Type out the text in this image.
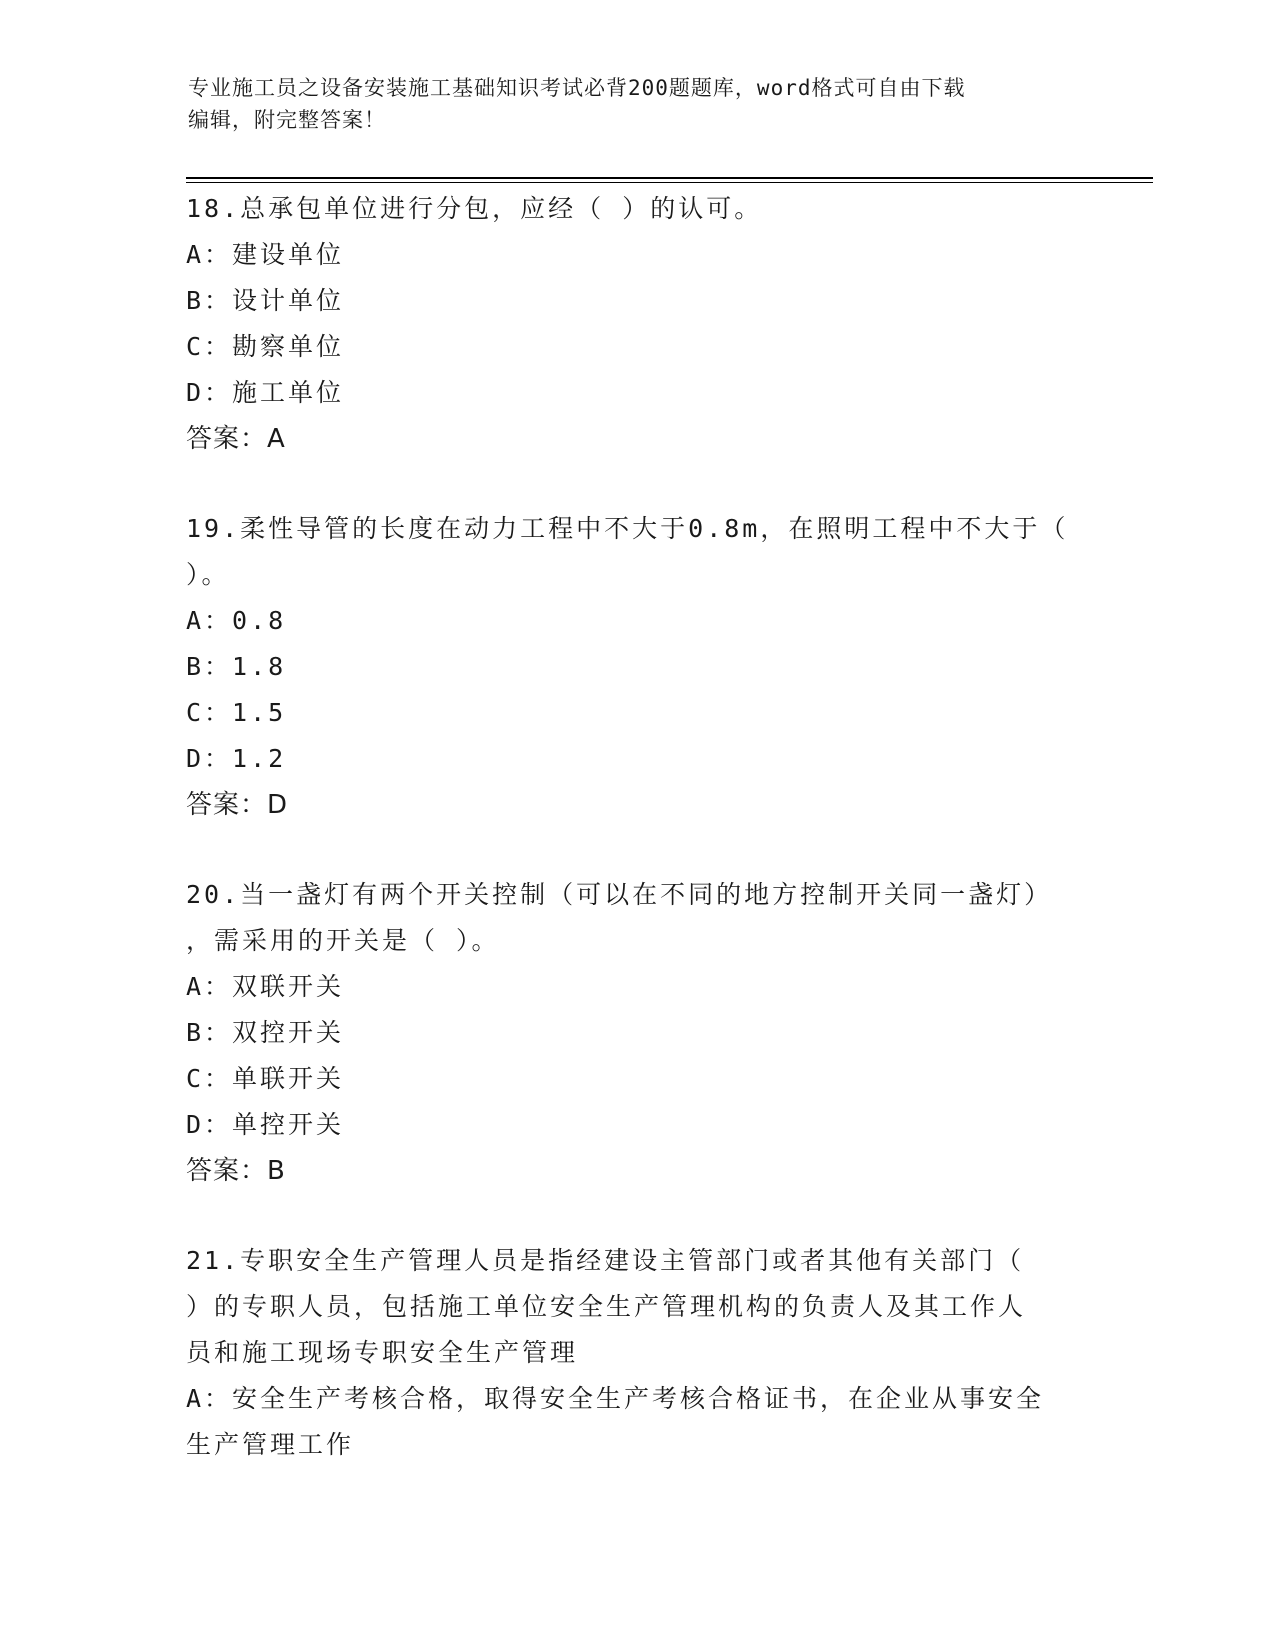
专业施工员之设备安装施工基础知识考试必背200题题库，word格式可自由下载
编辑，附完整答案！

18.总承包单位进行分包，应经（ ）的认可。

A：建设单位

B：设计单位

C：勘察单位

D：施工单位

答案：A

19.柔性导管的长度在动力工程中不大于0.8m，在照明工程中不大于（

）。

A：0.8

B：1.8

C：1.5

D：1.2

答案：D

20.当一盏灯有两个开关控制（可以在不同的地方控制开关同一盏灯）

，需采用的开关是（ ）。

A：双联开关

B：双控开关

C：单联开关

D：单控开关

答案：B

21.专职安全生产管理人员是指经建设主管部门或者其他有关部门（

）的专职人员，包括施工单位安全生产管理机构的负责人及其工作人

员和施工现场专职安全生产管理

A：安全生产考核合格，取得安全生产考核合格证书，在企业从事安全

生产管理工作
